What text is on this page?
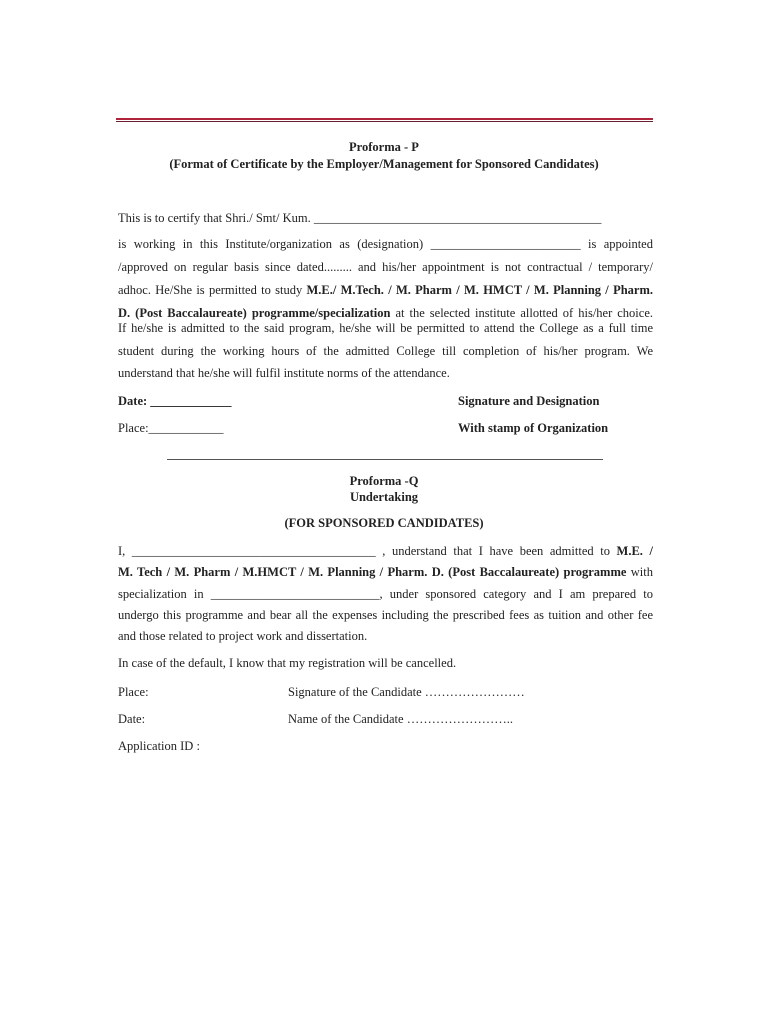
Proforma - P
(Format of Certificate by the Employer/Management for Sponsored Candidates)
This is to certify that Shri./ Smt/ Kum. ______________________________________________
is working in this Institute/organization as (designation) ________________________ is appointed
/approved on regular basis since dated......... and his/her appointment is not contractual / temporary/
adhoc. He/She is permitted to study M.E./ M.Tech. / M. Pharm / M. HMCT / M. Planning / Pharm.
D. (Post Baccalaureate) programme/specialization at the selected institute allotted of his/her choice.
If he/she is admitted to the said program, he/she will be permitted to attend the College as a full time
student during the working hours of the admitted College till completion of his/her program. We
understand that he/she will fulfil institute norms of the attendance.
Date: _____________	Signature and Designation
Place:____________	With stamp of Organization
Proforma -Q
Undertaking
(FOR SPONSORED CANDIDATES)
I, _______________________________________ , understand that I have been admitted to M.E. /
M. Tech / M. Pharm / M.HMCT / M. Planning / Pharm. D. (Post Baccalaureate) programme with
specialization in ___________________________, under sponsored category and I am prepared to
undergo this programme and bear all the expenses including the prescribed fees as tuition and other fee
and those related to project work and dissertation.
In case of the default, I know that my registration will be cancelled.
Place:	Signature of the Candidate ……………………
Date:	Name of the Candidate ……………………..
Application ID :
